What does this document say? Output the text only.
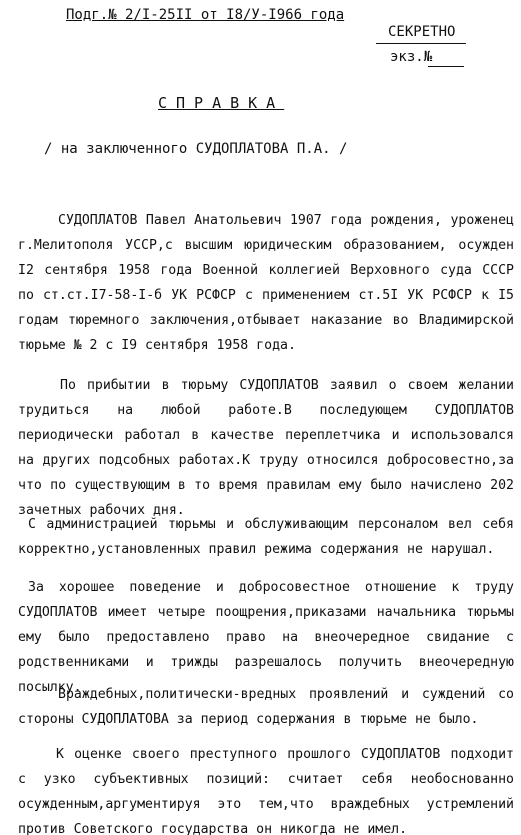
Подг.№ 2/I-25II от I8/У-I966 года
СЕКРЕТНО
экз.№
СПРАВКА
/ на заключенного СУДОПЛАТОВА П.А. /
СУДОПЛАТОВ Павел Анатольевич 1907 года рождения, уроженец г.Мелитополя УССР,с высшим юридическим образованием, осужден I2 сентября 1958 года Военной коллегией Верховного суда СССР по ст.ст.I7-58-I-б УК РСФСР с применением ст.5I УК РСФСР к I5 годам тюремного заключения,отбывает наказание во Владимирской тюрьме № 2 с I9 сентября 1958 года.
По прибытии в тюрьму СУДОПЛАТОВ заявил о своем желании трудиться на любой работе.В последующем СУДОПЛАТОВ периодически работал в качестве переплетчика и использовался на других подсобных работах.К труду относился добросовестно,за что по существующим в то время правилам ему было начислено 202 зачетных рабочих дня.
С администрацией тюрьмы и обслуживающим персоналом вел себя корректно,установленных правил режима содержания не нарушал.
За хорошее поведение и добросовестное отношение к труду СУДОПЛАТОВ имеет четыре поощрения,приказами начальника тюрьмы ему было предоставлено право на внеочередное свидание с родственниками и трижды разрешалось получить внеочередную посылку.
Враждебных,политически-вредных проявлений и суждений со стороны СУДОПЛАТОВА за период содержания в тюрьме не было.
К оценке своего преступного прошлого СУДОПЛАТОВ подходит с узко субъективных позиций: считает себя необоснованно осужденным,аргументируя это тем,что враждебных устремлений против Советского государства он никогда не имел.
